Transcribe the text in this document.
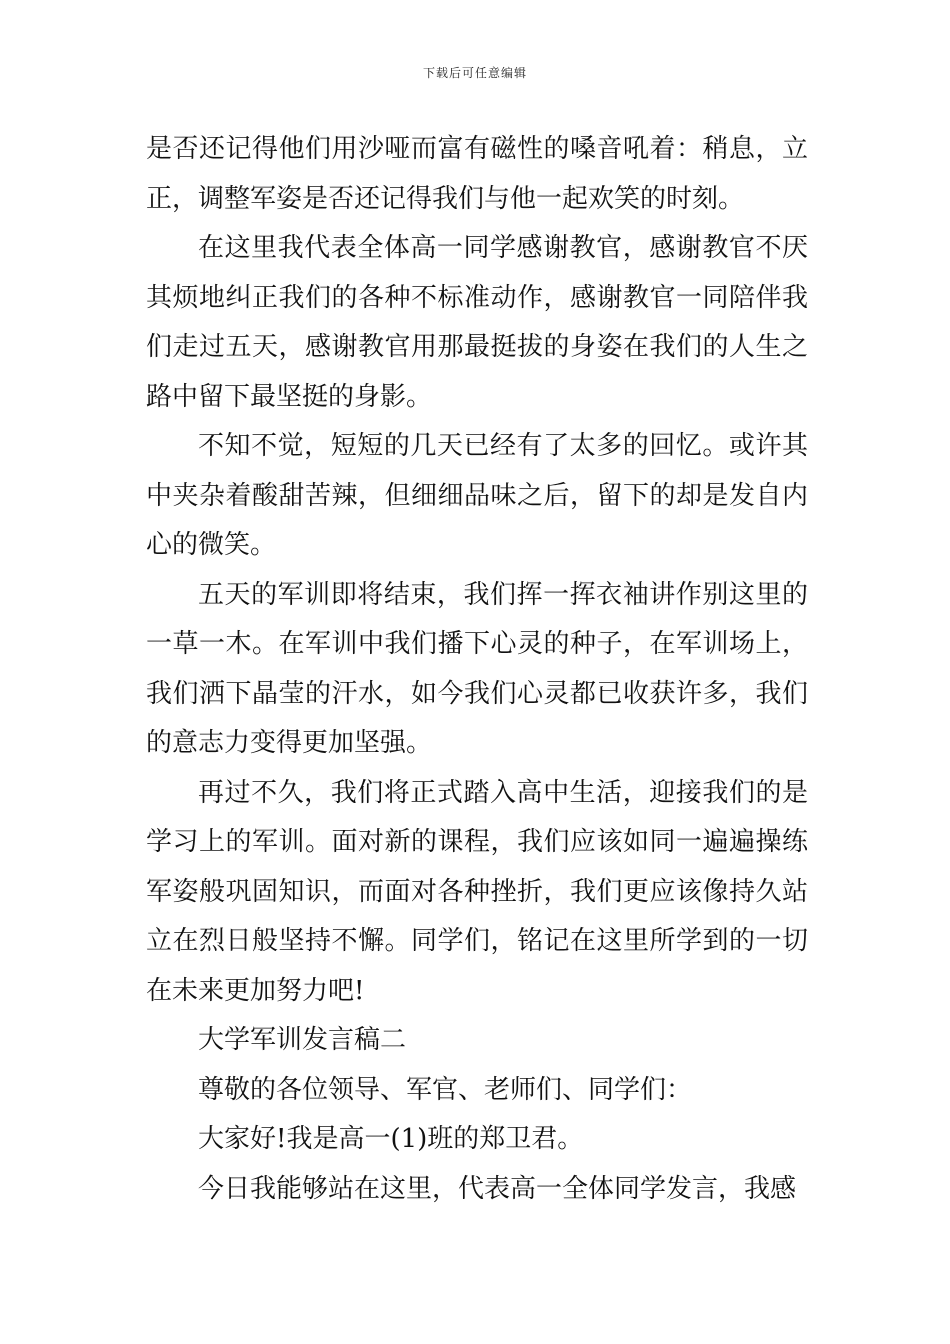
下载后可任意编辑

是否还记得他们用沙哑而富有磁性的嗓音吼着：稍息，立正，调整军姿是否还记得我们与他一起欢笑的时刻。

在这里我代表全体高一同学感谢教官，感谢教官不厌其烦地纠正我们的各种不标准动作，感谢教官一同陪伴我们走过五天，感谢教官用那最挺拔的身姿在我们的人生之路中留下最坚挺的身影。

不知不觉，短短的几天已经有了太多的回忆。或许其中夹杂着酸甜苦辣，但细细品味之后，留下的却是发自内心的微笑。

五天的军训即将结束，我们挥一挥衣袖讲作别这里的一草一木。在军训中我们播下心灵的种子，在军训场上，我们洒下晶莹的汗水，如今我们心灵都已收获许多，我们的意志力变得更加坚强。

再过不久，我们将正式踏入高中生活，迎接我们的是学习上的军训。面对新的课程，我们应该如同一遍遍操练军姿般巩固知识，而面对各种挫折，我们更应该像持久站立在烈日般坚持不懈。同学们，铭记在这里所学到的一切在未来更加努力吧!

大学军训发言稿二

尊敬的各位领导、军官、老师们、同学们：

大家好!我是高一(1)班的郑卫君。

今日我能够站在这里，代表高一全体同学发言，我感
